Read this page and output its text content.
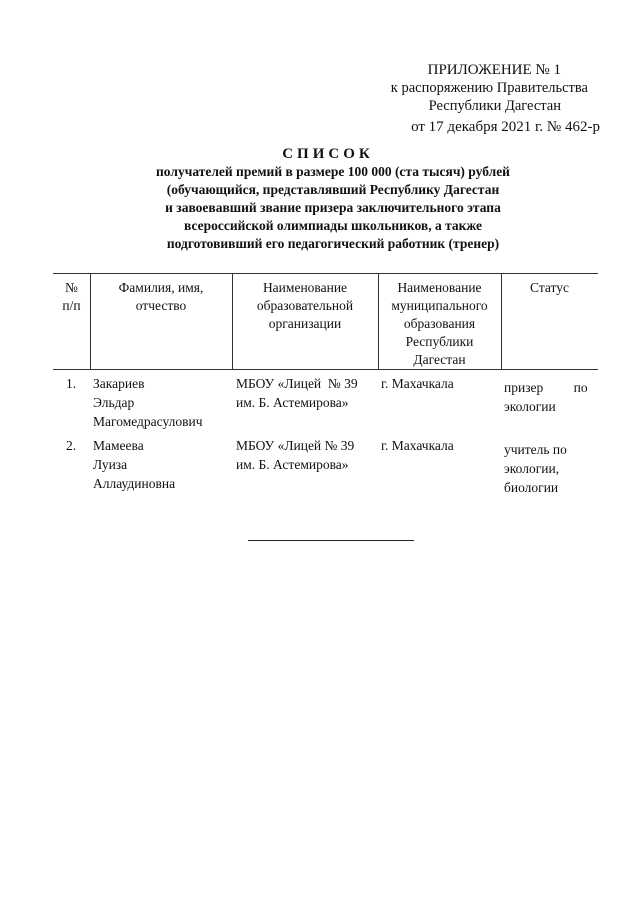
ПРИЛОЖЕНИЕ № 1
к распоряжению Правительства
Республики Дагестан
от 17 декабря 2021 г. № 462-р
СПИСОК
получателей премий в размере 100 000 (ста тысяч) рублей
(обучающийся, представлявший Республику Дагестан
и завоевавший звание призера заключительного этапа
всероссийской олимпиады школьников, а также
подготовивший его педагогический работник (тренер)
№
п/п
Фамилия, имя,
отчество
Наименование
образовательной
организации
Наименование
муниципального
образования
Республики
Дагестан
Статус
1. Закариев
Эльдар
Магомедрасулович
МБОУ «Лицей  № 39
им. Б. Астемирова»
г. Махачкала	призер         по
экологии
2. Мамеева
Луиза
Аллаудиновна
МБОУ «Лицей № 39
им. Б. Астемирова»
г. Махачкала	учитель по
экологии,
биологии
